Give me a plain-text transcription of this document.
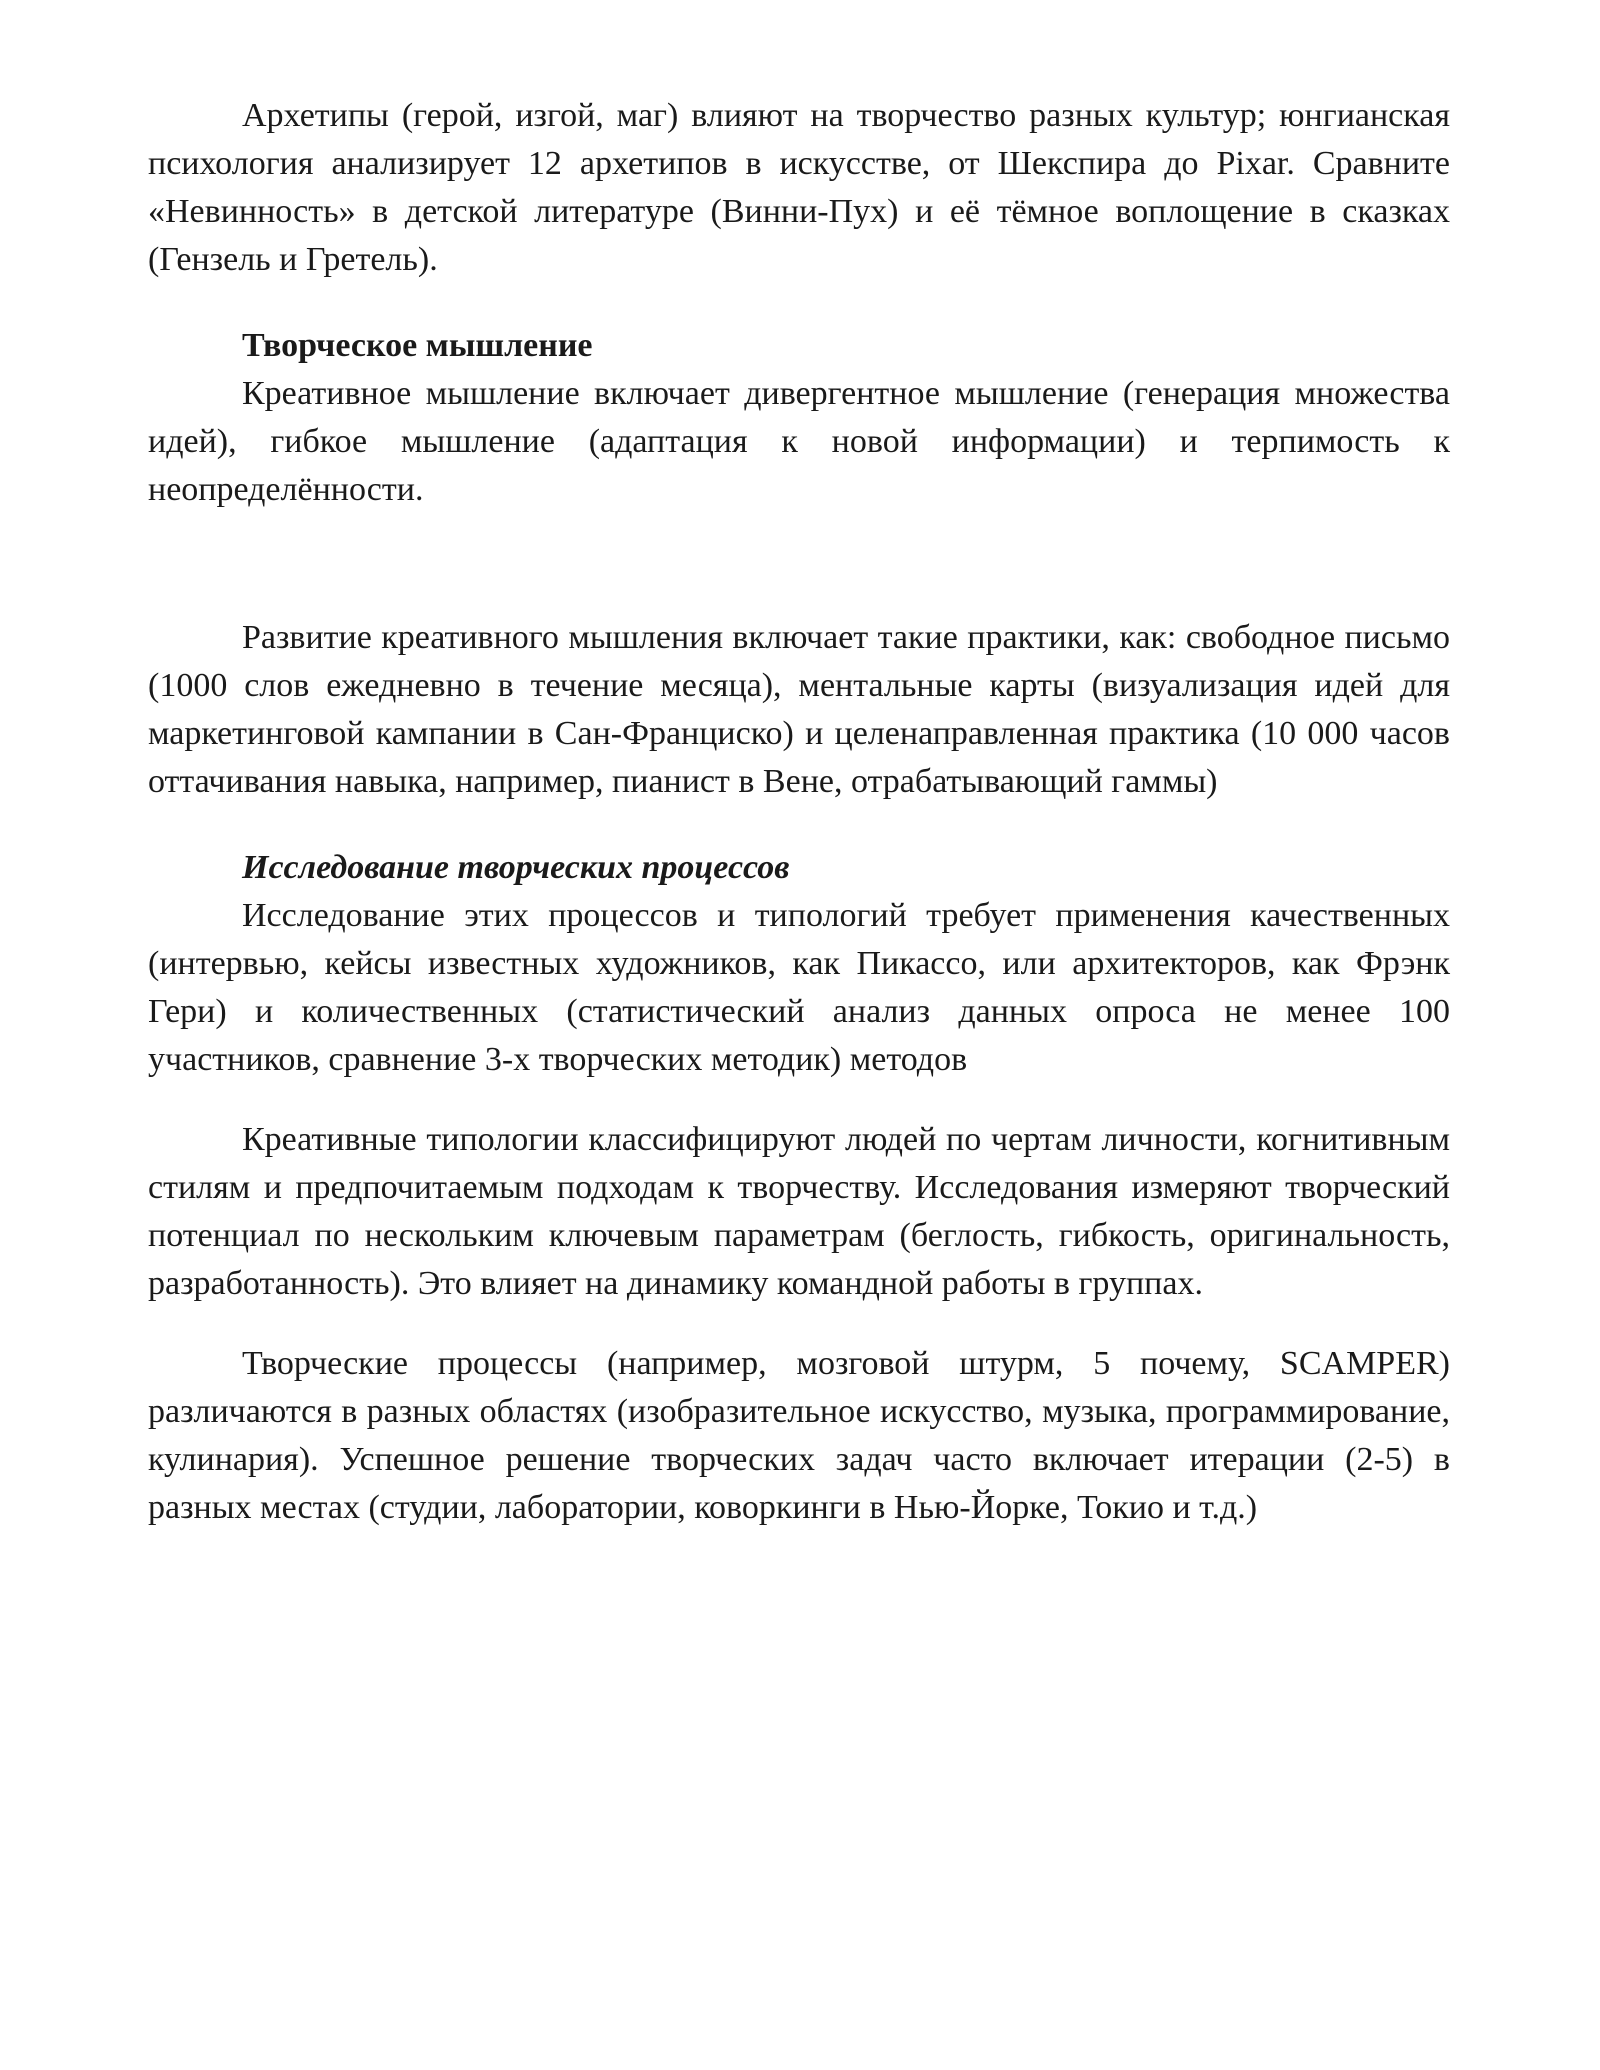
Архетипы (герой, изгой, маг) влияют на творчество разных культур; юнгианская психология анализирует 12 архетипов в искусстве, от Шекспира до Pixar. Сравните «Невинность» в детской литературе (Винни-Пух) и её тёмное воплощение в сказках (Гензель и Гретель).

Творческое мышление

Креативное мышление включает дивергентное мышление (генерация множества идей), гибкое мышление (адаптация к новой информации) и терпимость к неопределённости.

Развитие креативного мышления включает такие практики, как: свободное письмо (1000 слов ежедневно в течение месяца), ментальные карты (визуализация идей для маркетинговой кампании в Сан-Франциско) и целенаправленная практика (10 000 часов оттачивания навыка, например, пианист в Вене, отрабатывающий гаммы)

Исследование творческих процессов

Исследование этих процессов и типологий требует применения качественных (интервью, кейсы известных художников, как Пикассо, или архитекторов, как Фрэнк Гери) и количественных (статистический анализ данных опроса не менее 100 участников, сравнение 3-х творческих методик) методов

Креативные типологии классифицируют людей по чертам личности, когнитивным стилям и предпочитаемым подходам к творчеству. Исследования измеряют творческий потенциал по нескольким ключевым параметрам (беглость, гибкость, оригинальность, разработанность). Это влияет на динамику командной работы в группах.

Творческие процессы (например, мозговой штурм, 5 почему, SCAMPER) различаются в разных областях (изобразительное искусство, музыка, программирование, кулинария). Успешное решение творческих задач часто включает итерации (2-5) в разных местах (студии, лаборатории, коворкинги в Нью-Йорке, Токио и т.д.)
